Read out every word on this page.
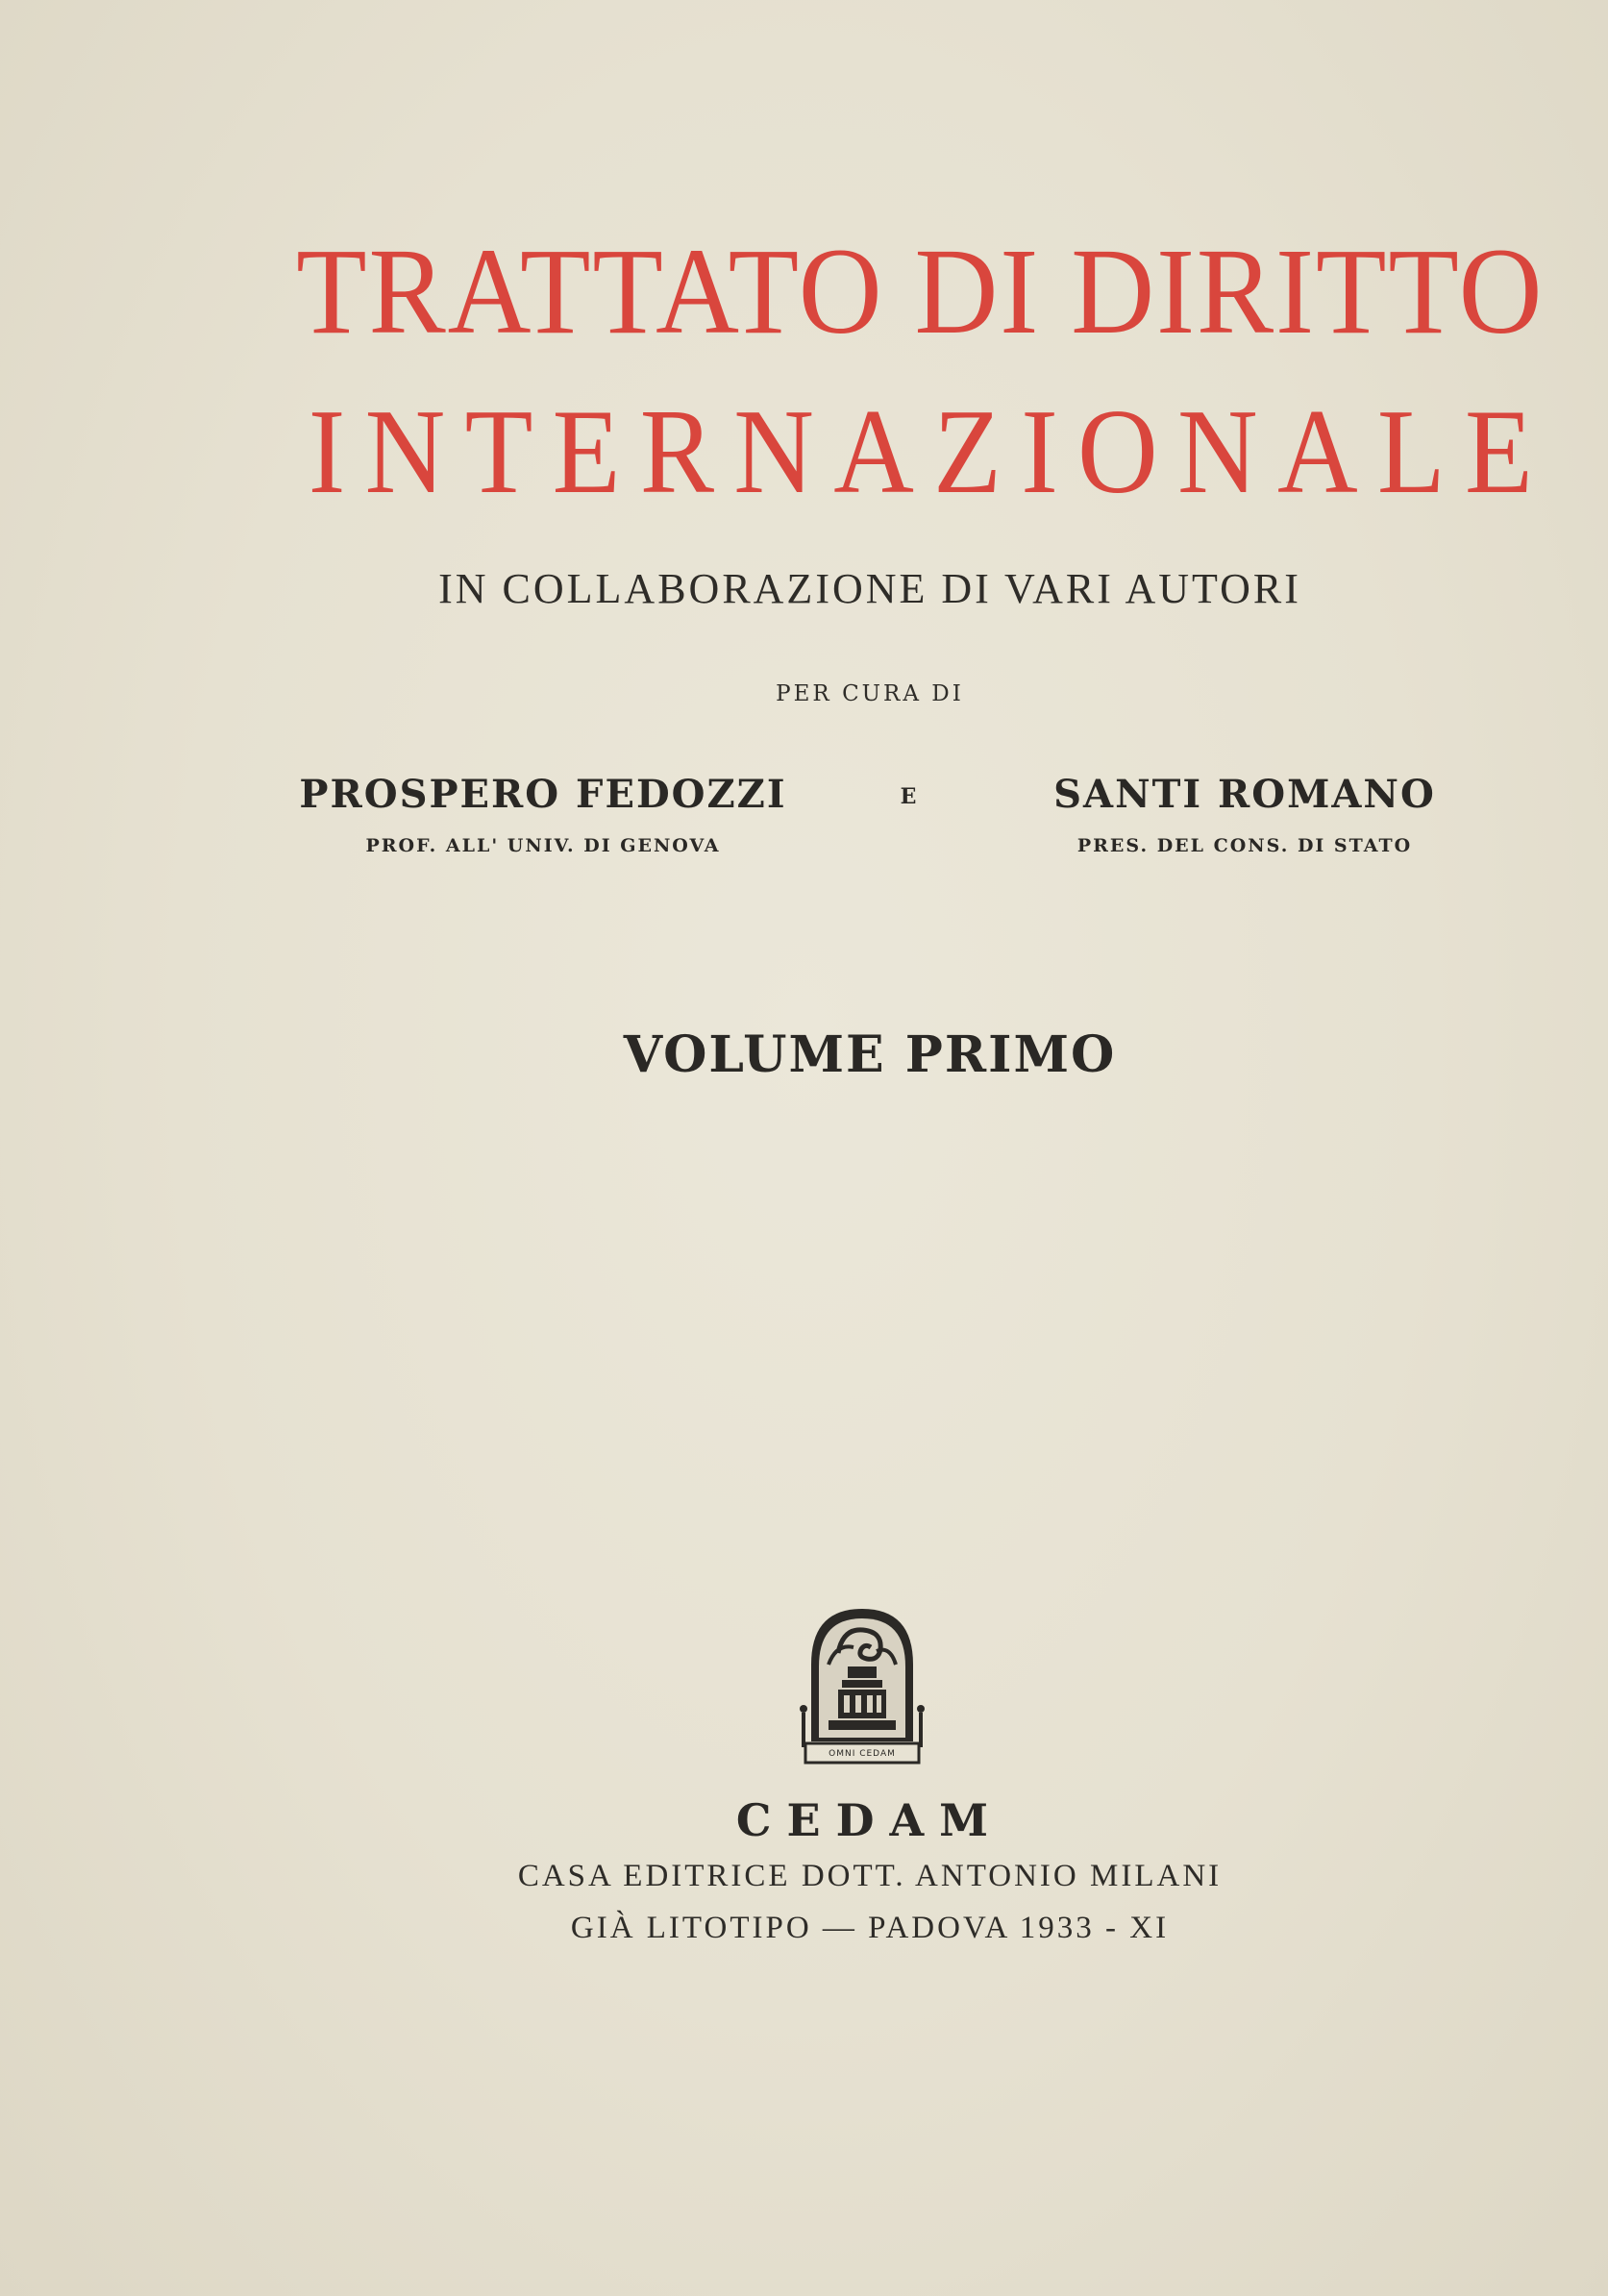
TRATTATO DI DIRITTO
INTERNAZIONALE
IN COLLABORAZIONE DI VARI AUTORI
PER CURA DI
PROSPERO FEDOZZI
PROF. ALL' UNIV. DI GENOVA
E	SANTI ROMANO
PRES. DEL CONS. DI STATO
VOLUME PRIMO
OMNI CEDAM
CEDAM
CASA EDITRICE DOTT. ANTONIO MILANI
GIÀ LITOTIPO — PADOVA 1933 - XI
